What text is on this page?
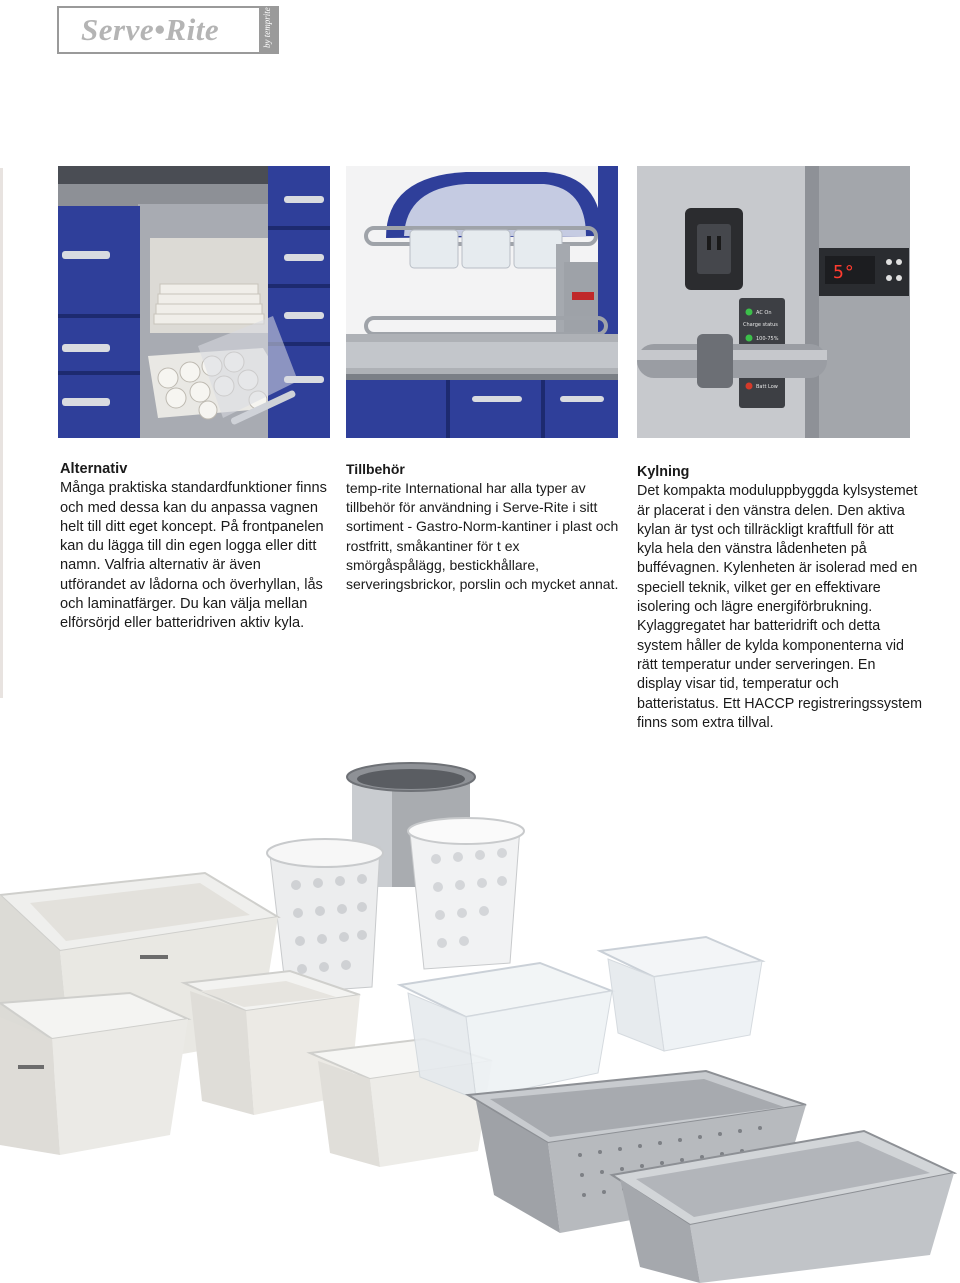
Serve•Rite	by temprite
5°
AC On
Charge status
100-75%
Batt Low
Alternativ

Många praktiska standardfunktioner finns och med dessa kan du anpassa vagnen helt till ditt eget koncept. På frontpanelen kan du lägga till din egen logga eller ditt namn. Valfria alternativ är även utförandet av lådorna och överhyllan, lås och laminatfärger. Du kan välja mellan elförsörjd eller batteridriven aktiv kyla.

Tillbehör

temp-rite International har alla typer av tillbehör för användning i Serve-Rite i sitt sortiment - Gastro-Norm-kantiner i plast och rostfritt, småkantiner för t ex smörgåspålägg, bestickhållare, serveringsbrickor, porslin och mycket annat.

Kylning

Det kompakta moduluppbyggda kylsystemet är placerat i den vänstra delen. Den aktiva kylan är tyst och tillräckligt kraftfull för att kyla hela den vänstra lådenheten på buffévagnen. Kylenheten är isolerad med en speciell teknik, vilket ger en effektivare isolering och lägre energiförbrukning. Kylaggregatet har batteridrift och detta system håller de kylda komponenterna vid rätt temperatur under serveringen. En display visar tid, temperatur och batteristatus. Ett HACCP registreringssystem finns som extra tillval.
